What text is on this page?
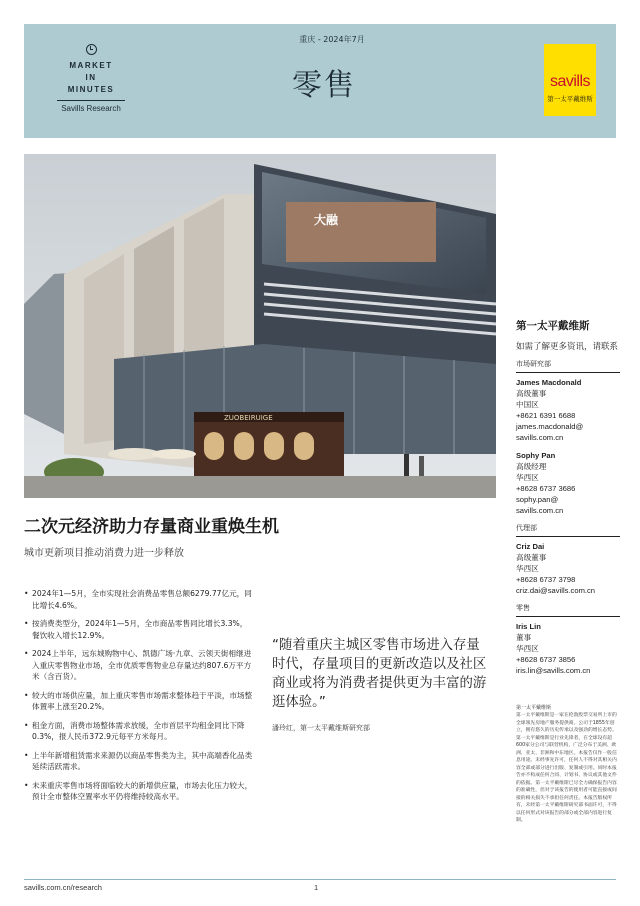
MARKET
IN
MINUTES
Savills Research
重庆 - 2024年7月
零售	savills
第一太平戴维斯
大融
ZUOBEIRUIGE
二次元经济助力存量商业重焕生机
城市更新项目推动消费力进一步释放
• 2024年1—5月，全市实现社会消费品零售总额6279.77亿元，同比增长4.6%。
• 按消费类型分，2024年1—5月，全市商品零售同比增长3.3%，餐饮收入增长12.9%。
• 2024上半年，远东城购物中心、凯德广场·九章、云领天街相继进入重庆零售物业市场，全市优质零售物业总存量达约807.6万平方米（含百货）。
• 较大的市场供应量，加上重庆零售市场需求整体趋于平淡，市场整体置率上涨至20.2%。
• 租金方面，消费市场整体需求放缓，全市首层平均租金同比下降0.3%，报人民币372.9元每平方米每月。
• 上半年新增租赁需求来源仍以商品零售类为主，其中高端香化品类延续活跃需求。
• 未来重庆零售市场将面临较大的新增供应量，市场去化压力较大，预计全市整体空置率水平仍将维持较高水平。
“随着重庆主城区零售市场进入存量时代，存量项目的更新改造以及社区商业或将为消费者提供更为丰富的游逛体验。”
潘玲红，第一太平戴维斯研究部
第一太平戴维斯
如需了解更多资讯，请联系
市场研究部
James Macdonald
高级董事
中国区
+8621 6391 6688
james.macdonald@
savills.com.cn
Sophy Pan
高级经理
华西区
+8628 6737 3686
sophy.pan@
savills.com.cn
代理部
Criz Dai
高级董事
华西区
+8628 6737 3798
criz.dai@savills.com.cn
零售
Iris Lin
董事
华西区
+8628 6737 3856
iris.lin@savills.com.cn
第一太平戴维斯
第一太平戴维斯是一家在伦敦股票交易所上市的全球领先房地产服务提供商。公司于1855年创立，拥有悠久的历史传承以及强劲的增长态势。第一太平戴维斯是行业先锋者，在全球设有超600家分公司与联营机构，广泛分布于美洲、欧洲、亚太、非洲和中东地区。本报告仅作一般信息用途。未经事先许可，任何人不得对其相关内容全部或部分进行出版、复制或引用。同时本报告亦不构成任何合同、计划书、协议或其他文件的依据。第一太平戴维斯已尽全力确保报告内容的准确性，但对于该报告的使用者可能直接或间接的相关损失不承担任何责任。本报告版权所有，未经第一太平戴维斯研究部书面许可，不得以任何形式对该报告的部分或全部内容进行复制。
savills.com.cn/research	1
